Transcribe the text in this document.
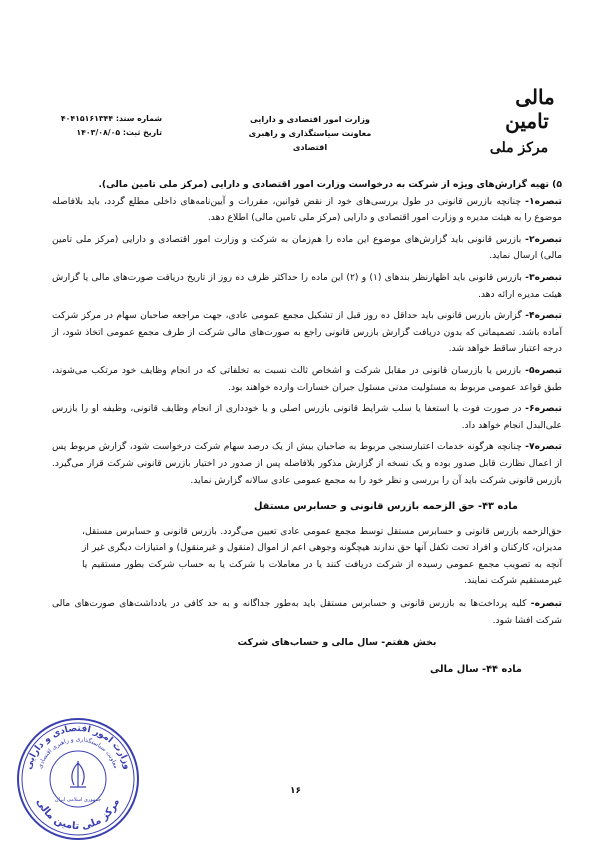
مالی
تامین
مرکز ملی
وزارت امور اقتصادی و دارایی
معاونت سیاستگذاری و راهبری اقتصادی
شماره سند: ۴۰۴۱۵۱۶۱۳۴۴
تاریخ ثبت: ۱۴۰۳/۰۸/۰۵

۵) تهیه گزارش‌های ویژه از شرکت به درخواست وزارت امور اقتصادی و دارایی (مرکز ملی تامین مالی).

تبصره۱- چنانچه بازرس قانونی در طول بررسی‌های خود از نقض قوانین، مقررات و آیین‌نامه‌های داخلی مطلع گردد، باید بلافاصله موضوع را به هیئت مدیره و وزارت امور اقتصادی و دارایی (مرکز ملی تامین مالی) اطلاع دهد.

تبصره۲- بازرس قانونی باید گزارش‌های موضوع این ماده را هم‌زمان به شرکت و وزارت امور اقتصادی و دارایی (مرکز ملی تامین مالی) ارسال نماید.

تبصره۳- بازرس قانونی باید اظهارنظر بندهای (۱) و (۲) این ماده را حداکثر ظرف ده روز از تاریخ دریافت صورت‌های مالی یا گزارش هیئت مدیره ارائه دهد.

تبصره۴- گزارش بازرس قانونی باید حداقل ده روز قبل از تشکیل مجمع عمومی عادی، جهت مراجعه صاحبان سهام در مرکز شرکت آماده باشد. تصمیماتی که بدون دریافت گزارش بازرس قانونی راجع به صورت‌های مالی شرکت از طرف مجمع عمومی اتخاذ شود، از درجه اعتبار ساقط خواهد شد.

تبصره۵- بازرس یا بازرسان قانونی در مقابل شرکت و اشخاص ثالث نسبت به تخلفاتی که در انجام وظایف خود مرتکب می‌شوند، طبق قواعد عمومی مربوط به مسئولیت مدنی مسئول جبران خسارات وارده خواهند بود.

تبصره۶- در صورت فوت یا استعفا یا سلب شرایط قانونی بازرس اصلی و یا خودداری از انجام وظایف قانونی، وظیفه او را بازرس علی‌البدل انجام خواهد داد.

تبصره۷- چنانچه هرگونه خدمات اعتبارسنجی مربوط به صاحبان بیش از یک درصد سهام شرکت درخواست شود، گزارش مربوط پس از اعمال نظارت قابل صدور بوده و یک نسخه از گزارش مذکور بلافاصله پس از صدور در اختیار بازرس قانونی شرکت قرار می‌گیرد. بازرس قانونی شرکت باید آن را بررسی و نظر خود را به مجمع عمومی عادی سالانه گزارش نماید.

ماده ۴۳- حق الزحمه بازرس قانونی و حسابرس مستقل

حق‌الزحمه بازرس قانونی و حسابرس مستقل توسط مجمع عمومی عادی تعیین می‌گردد. بازرس قانونی و حسابرس مستقل، مدیران، کارکنان و افراد تحت تکفل آنها حق ندارند هیچگونه وجوهی اعم از اموال (منقول و غیرمنقول) و امتیازات دیگری غیر از آنچه به تصویب مجمع عمومی رسیده از شرکت دریافت کنند یا در معاملات با شرکت یا به حساب شرکت بطور مستقیم یا غیرمستقیم شرکت نمایند.

تبصره- کلیه پرداخت‌ها به بازرس قانونی و حسابرس مستقل باید به‌طور جداگانه و به حد کافی در یادداشت‌های صورت‌های مالی شرکت افشا شود.

بخش هفتم- سال مالی و حساب‌های شرکت
ماده ۴۴- سال مالی
۱۶
وزارت امور اقتصادی و دارایی
معاونت سیاستگذاری و راهبری اقتصادی
مرکز ملی تامین مالی
جمهوری اسلامی ایران
